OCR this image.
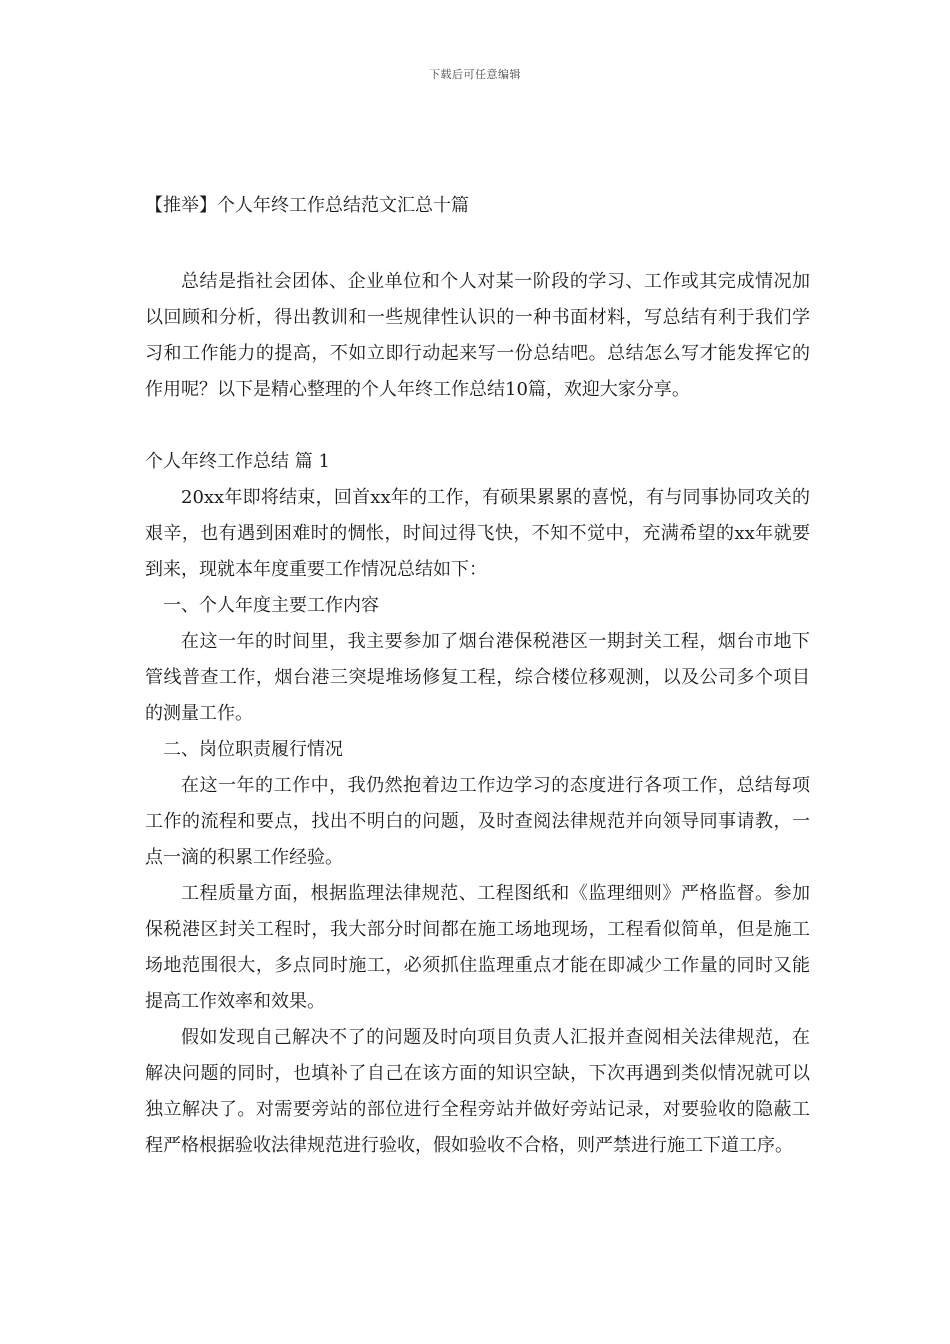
下载后可任意编辑

【推举】个人年终工作总结范文汇总十篇

总结是指社会团体、企业单位和个人对某一阶段的学习、工作或其完成情况加以回顾和分析，得出教训和一些规律性认识的一种书面材料，写总结有利于我们学习和工作能力的提高，不如立即行动起来写一份总结吧。总结怎么写才能发挥它的作用呢？以下是精心整理的个人年终工作总结10篇，欢迎大家分享。

个人年终工作总结 篇 1

20xx年即将结束，回首xx年的工作，有硕果累累的喜悦，有与同事协同攻关的艰辛，也有遇到困难时的惆怅，时间过得飞快，不知不觉中，充满希望的xx年就要到来，现就本年度重要工作情况总结如下：

一、个人年度主要工作内容

在这一年的时间里，我主要参加了烟台港保税港区一期封关工程，烟台市地下管线普查工作，烟台港三突堤堆场修复工程，综合楼位移观测，以及公司多个项目的测量工作。

二、岗位职责履行情况

在这一年的工作中，我仍然抱着边工作边学习的态度进行各项工作，总结每项工作的流程和要点，找出不明白的问题，及时查阅法律规范并向领导同事请教，一点一滴的积累工作经验。

工程质量方面，根据监理法律规范、工程图纸和《监理细则》严格监督。参加保税港区封关工程时，我大部分时间都在施工场地现场，工程看似简单，但是施工场地范围很大，多点同时施工，必须抓住监理重点才能在即减少工作量的同时又能提高工作效率和效果。

假如发现自己解决不了的问题及时向项目负责人汇报并查阅相关法律规范，在解决问题的同时，也填补了自己在该方面的知识空缺，下次再遇到类似情况就可以独立解决了。对需要旁站的部位进行全程旁站并做好旁站记录，对要验收的隐蔽工程严格根据验收法律规范进行验收，假如验收不合格，则严禁进行施工下道工序。
